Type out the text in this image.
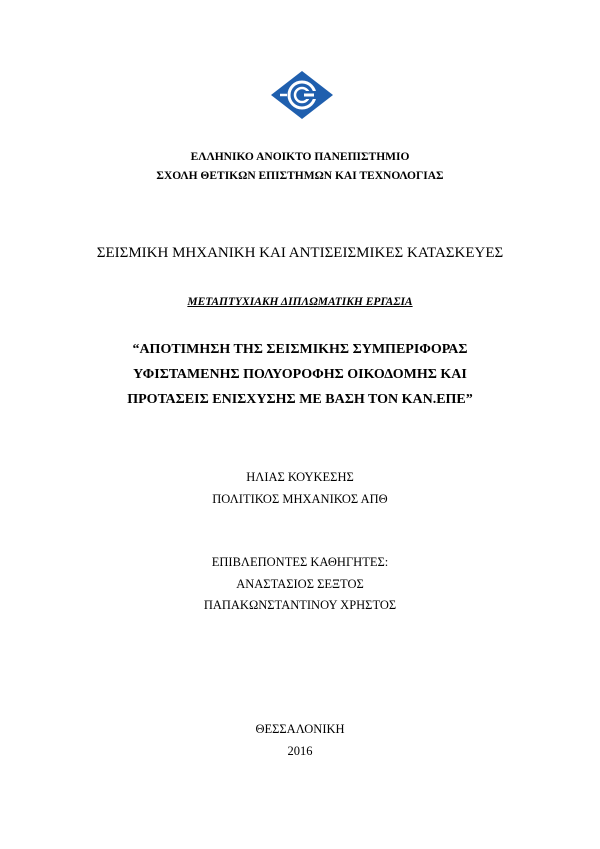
ΕΛΛΗΝΙΚΟ ΑΝΟΙΚΤΟ ΠΑΝΕΠΙΣΤΗΜΙΟ
ΣΧΟΛΗ ΘΕΤΙΚΩΝ ΕΠΙΣΤΗΜΩΝ ΚΑΙ ΤΕΧΝΟΛΟΓΙΑΣ
ΣΕΙΣΜΙΚΗ ΜΗΧΑΝΙΚΗ ΚΑΙ ΑΝΤΙΣΕΙΣΜΙΚΕΣ ΚΑΤΑΣΚΕΥΕΣ
ΜΕΤΑΠΤΥΧΙΑΚΗ ΔΙΠΛΩΜΑΤΙΚΗ ΕΡΓΑΣΙΑ
“ΑΠΟΤΙΜΗΣΗ ΤΗΣ ΣΕΙΣΜΙΚΗΣ ΣΥΜΠΕΡΙΦΟΡΑΣ
ΥΦΙΣΤΑΜΕΝΗΣ ΠΟΛΥΟΡΟΦΗΣ ΟΙΚΟΔΟΜΗΣ ΚΑΙ
ΠΡΟΤΑΣΕΙΣ ΕΝΙΣΧΥΣΗΣ ΜΕ ΒΑΣΗ ΤΟΝ ΚΑΝ.ΕΠΕ”
ΗΛΙΑΣ ΚΟΥΚΕΣΗΣ
ΠΟΛΙΤΙΚΟΣ ΜΗΧΑΝΙΚΟΣ ΑΠΘ
ΕΠΙΒΛΕΠΟΝΤΕΣ ΚΑΘΗΓΗΤΕΣ:
ΑΝΑΣΤΑΣΙΟΣ ΣΕΞΤΟΣ
ΠΑΠΑΚΩΝΣΤΑΝΤΙΝΟΥ ΧΡΗΣΤΟΣ
ΘΕΣΣΑΛΟΝΙΚΗ
2016
